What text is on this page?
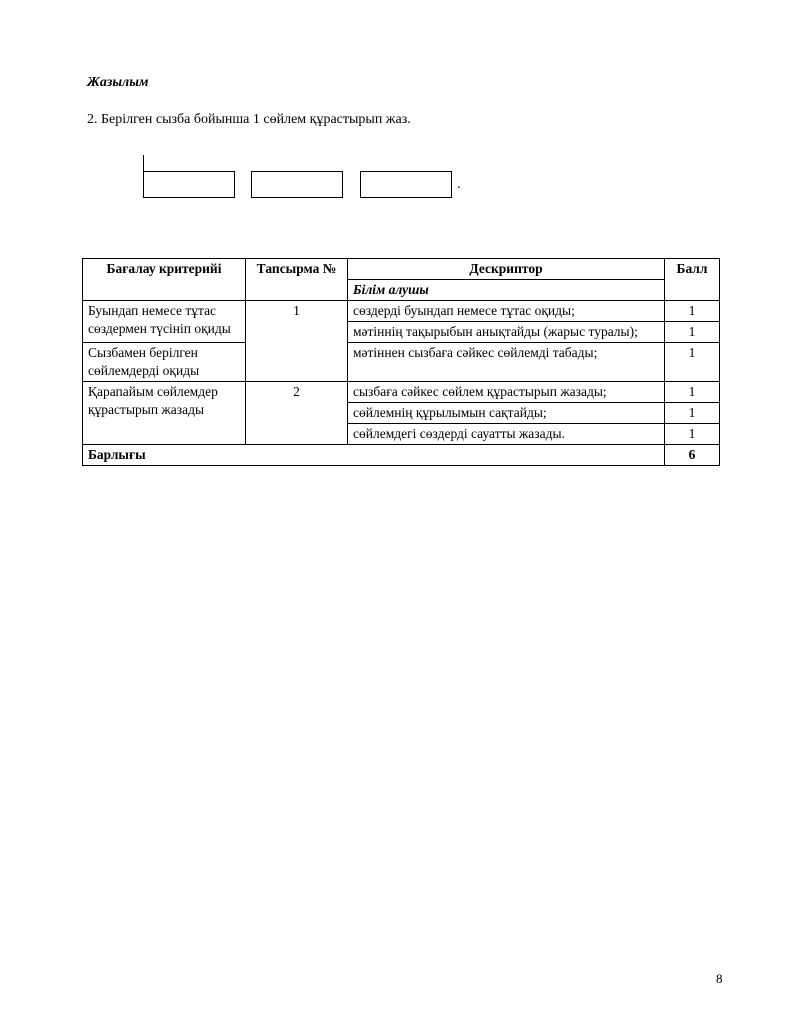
Жазылым
2. Берілген сызба бойынша 1 сөйлем құрастырып жаз.
.
Бағалау критерийі	Тапсырма №	Дескриптор	Балл
		Білім алушы	
Буындап немесе тұтас сөздермен түсініп оқиды	1	сөздерді буындап немесе тұтас оқиды;	1
		мәтіннің тақырыбын анықтайды (жарыс туралы);	1
Сызбамен берілген сөйлемдерді оқиды		мәтіннен сызбаға сәйкес сөйлемді табады;	1
Қарапайым сөйлемдер құрастырып жазады	2	сызбаға сәйкес сөйлем құрастырып жазады;	1
		сөйлемнің құрылымын сақтайды;	1
		сөйлемдегі сөздерді сауатты жазады.	1
Барлығы			6
8
